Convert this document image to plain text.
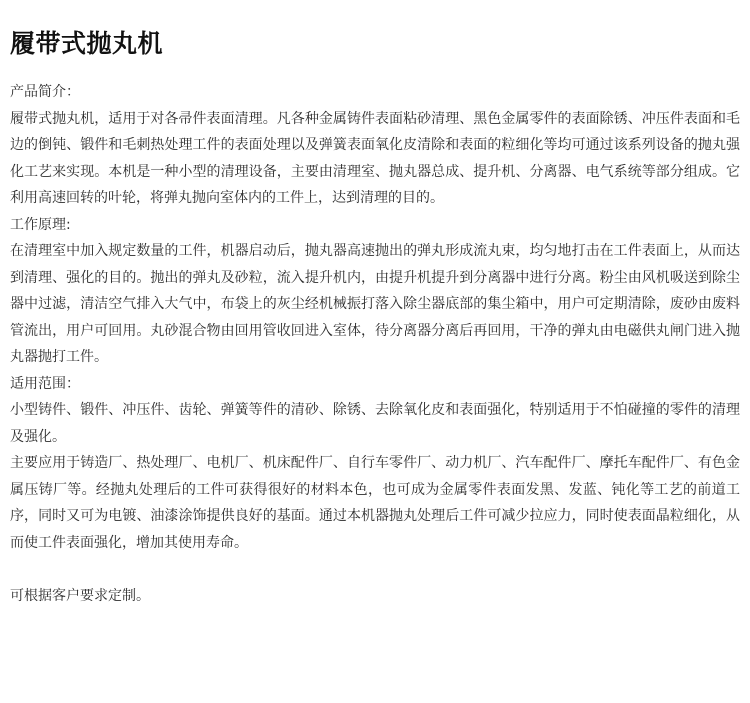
履带式抛丸机

产品简介：

履带式抛丸机，适用于对各帚件表面清理。凡各种金属铸件表面粘砂清理、黑色金属零件的表面除锈、冲压件表面和毛边的倒钝、锻件和毛刺热处理工件的表面处理以及弹簧表面氧化皮清除和表面的粒细化等均可通过该系列设备的抛丸强化工艺来实现。本机是一种小型的清理设备，主要由清理室、抛丸器总成、提升机、分离器、电气系统等部分组成。它利用高速回转的叶轮，将弹丸抛向室体内的工件上，达到清理的目的。

工作原理:

在清理室中加入规定数量的工件，机器启动后，抛丸器高速抛出的弹丸形成流丸束，均匀地打击在工件表面上，从而达到清理、强化的目的。抛出的弹丸及砂粒，流入提升机内，由提升机提升到分离器中进行分离。粉尘由风机吸送到除尘器中过滤，清洁空气排入大气中，布袋上的灰尘经机械振打落入除尘器底部的集尘箱中，用户可定期清除，废砂由废料管流出，用户可回用。丸砂混合物由回用管收回进入室体，待分离器分离后再回用，干净的弹丸由电磁供丸闸门进入抛丸器抛打工件。

适用范围：

小型铸件、锻件、冲压件、齿轮、弹簧等件的清砂、除锈、去除氧化皮和表面强化，特别适用于不怕碰撞的零件的清理及强化。

主要应用于铸造厂、热处理厂、电机厂、机床配件厂、自行车零件厂、动力机厂、汽车配件厂、摩托车配件厂、有色金属压铸厂等。经抛丸处理后的工件可获得很好的材料本色，也可成为金属零件表面发黑、发蓝、钝化等工艺的前道工序，同时又可为电镀、油漆涂饰提供良好的基面。通过本机器抛丸处理后工件可减少拉应力，同时使表面晶粒细化，从而使工件表面强化，增加其使用寿命。

可根据客户要求定制。
